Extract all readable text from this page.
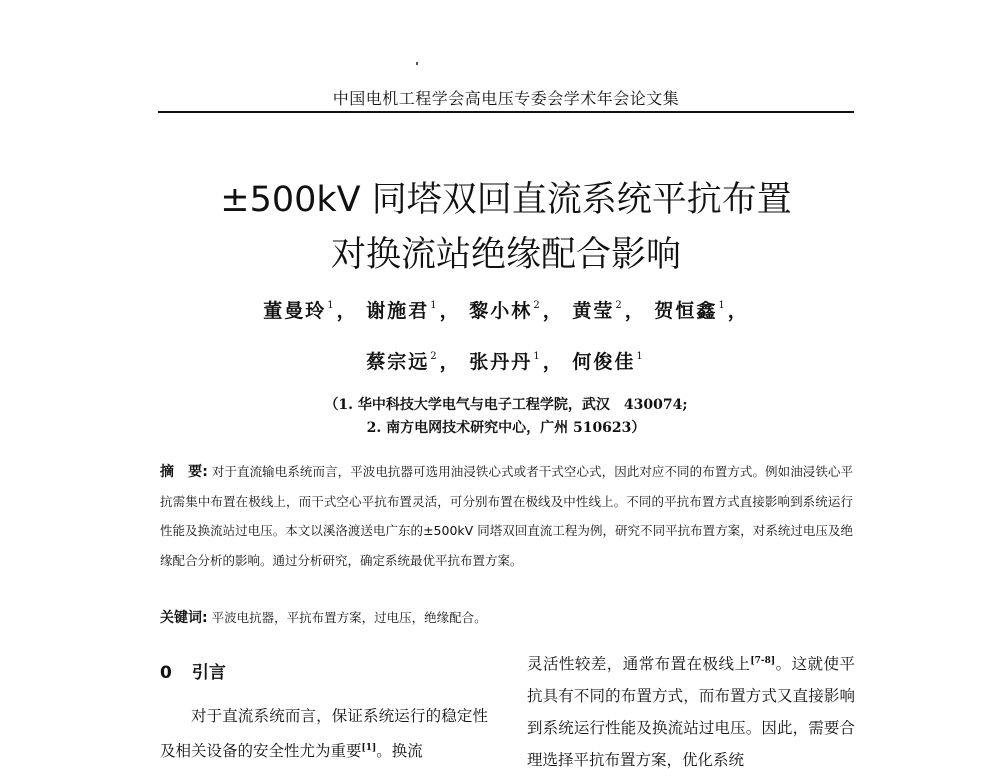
中国电机工程学会高电压专委会学术年会论文集
±500kV 同塔双回直流系统平抗布置
对换流站绝缘配合影响
董曼玲$^1$， 谢施君$^1$， 黎小林$^2$， 黄莹$^2$， 贺恒鑫$^1$，
蔡宗远$^2$， 张丹丹$^1$， 何俊佳$^1$
（1. 华中科技大学电气与电子工程学院，武汉　430074;
2. 南方电网技术研究中心，广州 510623）
摘　要: 对于直流输电系统而言，平波电抗器可选用油浸铁心式或者干式空心式，因此对应不同的布置方式。例如油浸铁心平抗需集中布置在极线上，而干式空心平抗布置灵活，可分别布置在极线及中性线上。不同的平抗布置方式直接影响到系统运行性能及换流站过电压。本文以溪洛渡送电广东的±500kV 同塔双回直流工程为例，研究不同平抗布置方案，对系统过电压及绝缘配合分析的影响。通过分析研究，确定系统最优平抗布置方案。
关键词: 平波电抗器，平抗布置方案，过电压，绝缘配合。
0 引言

对于直流系统而言，保证系统运行的稳定性及相关设备的安全性尤为重要[1]。换流

灵活性较差，通常布置在极线上[7-8]。这就使平抗具有不同的布置方式，而布置方式又直接影响到系统运行性能及换流站过电压。因此，需要合理选择平抗布置方案，优化系统
